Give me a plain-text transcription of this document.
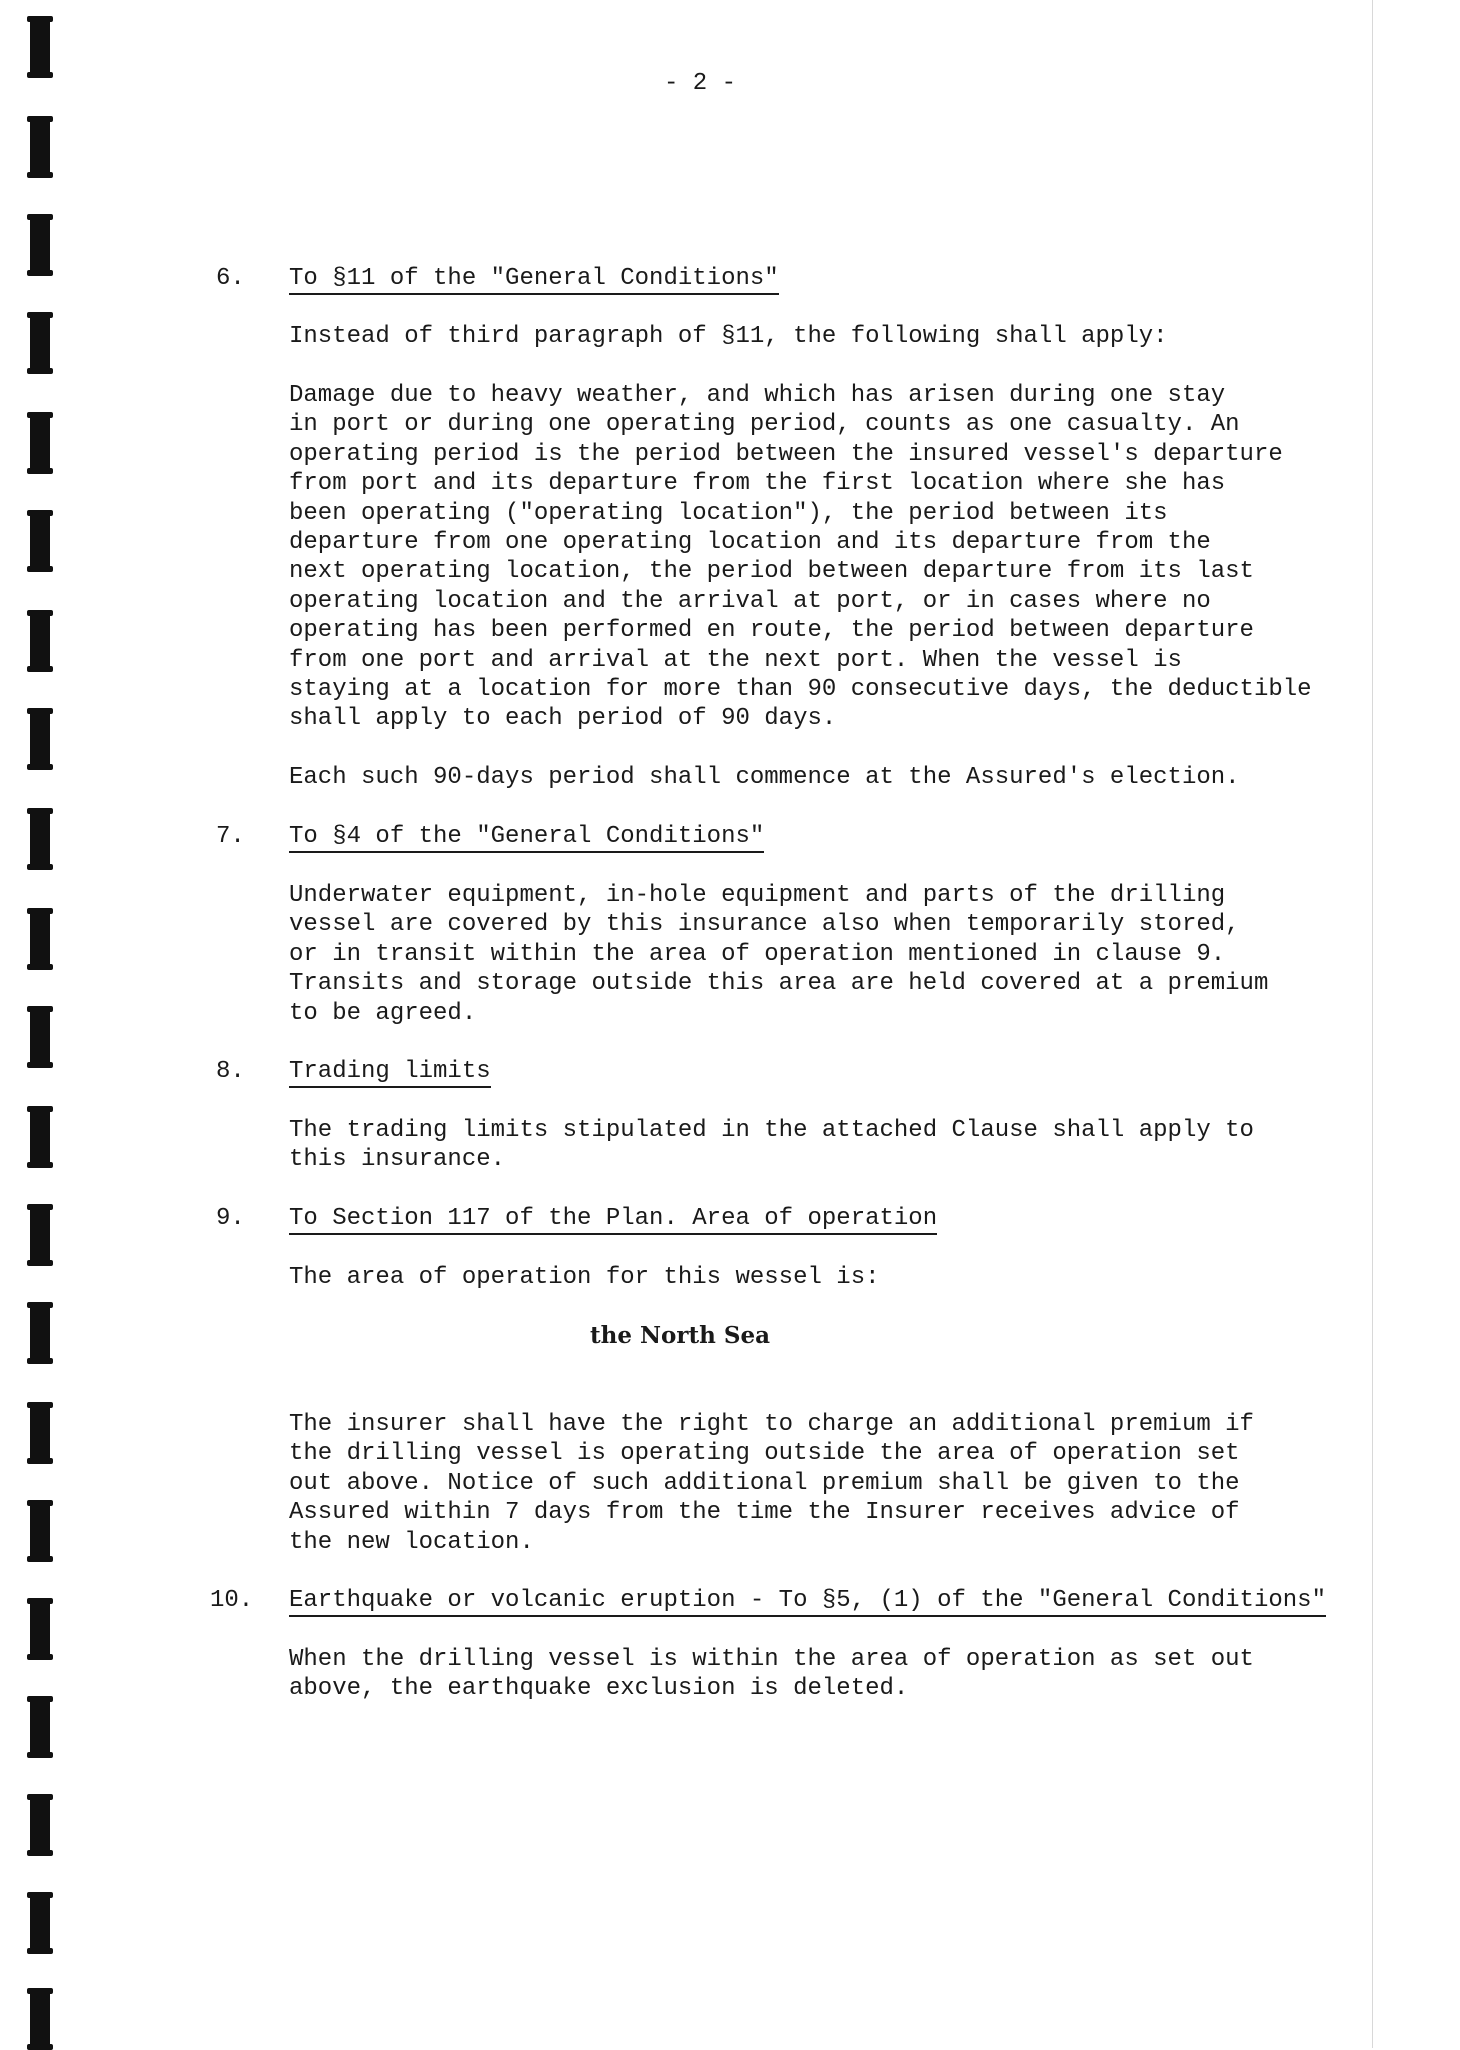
- 2 -
6. To §11 of the "General Conditions"
Instead of third paragraph of §11, the following shall apply:
Damage due to heavy weather, and which has arisen during one stay
in port or during one operating period, counts as one casualty. An
operating period is the period between the insured vessel's departure
from port and its departure from the first location where she has
been operating ("operating location"), the period between its
departure from one operating location and its departure from the
next operating location, the period between departure from its last
operating location and the arrival at port, or in cases where no
operating has been performed en route, the period between departure
from one port and arrival at the next port. When the vessel is
staying at a location for more than 90 consecutive days, the deductible
shall apply to each period of 90 days.
Each such 90-days period shall commence at the Assured's election.
7. To §4 of the "General Conditions"
Underwater equipment, in-hole equipment and parts of the drilling
vessel are covered by this insurance also when temporarily stored,
or in transit within the area of operation mentioned in clause 9.
Transits and storage outside this area are held covered at a premium
to be agreed.
8. Trading limits
The trading limits stipulated in the attached Clause shall apply to
this insurance.
9. To Section 117 of the Plan. Area of operation
The area of operation for this wessel is:
the North Sea
The insurer shall have the right to charge an additional premium if
the drilling vessel is operating outside the area of operation set
out above. Notice of such additional premium shall be given to the
Assured within 7 days from the time the Insurer receives advice of
the new location.
10. Earthquake or volcanic eruption - To §5, (1) of the "General Conditions"
When the drilling vessel is within the area of operation as set out
above, the earthquake exclusion is deleted.
